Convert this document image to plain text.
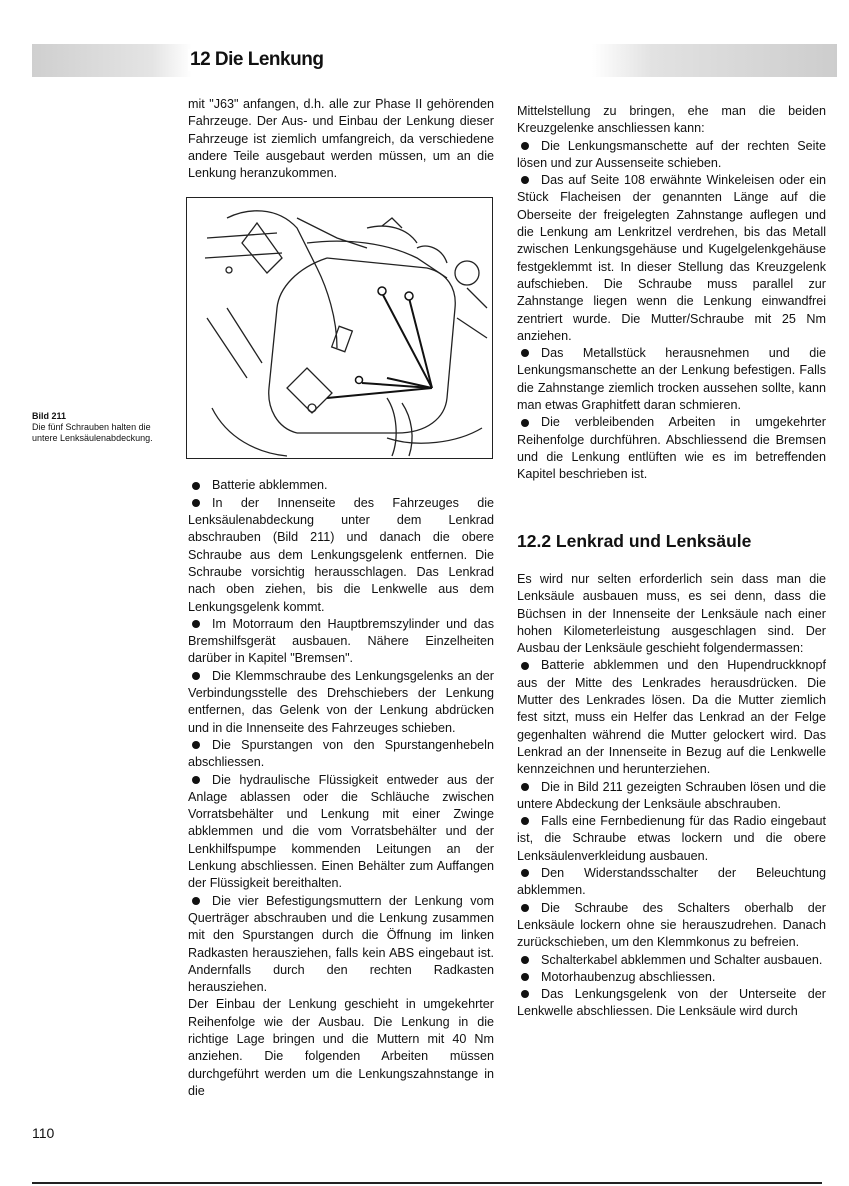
12 Die Lenkung

mit "J63" anfangen, d.h. alle zur Phase II gehörenden Fahrzeuge. Der Aus- und Einbau der Lenkung dieser Fahrzeuge ist ziemlich umfangreich, da verschiedene andere Teile ausgebaut werden müssen, um an die Lenkung heranzukommen.

Batterie abklemmen.

In der Innenseite des Fahrzeuges die Lenksäulenabdeckung unter dem Lenkrad abschrauben (Bild 211) und danach die obere Schraube aus dem Lenkungsgelenk entfernen. Die Schraube vorsichtig herausschlagen. Das Lenkrad nach oben ziehen, bis die Lenkwelle aus dem Lenkungsgelenk kommt.

Im Motorraum den Hauptbremszylinder und das Bremshilfsgerät ausbauen. Nähere Einzelheiten darüber in Kapitel "Bremsen".

Die Klemmschraube des Lenkungsgelenks an der Verbindungsstelle des Drehschiebers der Lenkung entfernen, das Gelenk von der Lenkung abdrücken und in die Innenseite des Fahrzeuges schieben.

Die Spurstangen von den Spurstangenhebeln abschliessen.

Die hydraulische Flüssigkeit entweder aus der Anlage ablassen oder die Schläuche zwischen Vorratsbehälter und Lenkung mit einer Zwinge abklemmen und die vom Vorratsbehälter und der Lenkhilfspumpe kommenden Leitungen an der Lenkung abschliessen. Einen Behälter zum Auffangen der Flüssigkeit bereithalten.

Die vier Befestigungsmuttern der Lenkung vom Querträger abschrauben und die Lenkung zusammen mit den Spurstangen durch die Öffnung im linken Radkasten herausziehen, falls kein ABS eingebaut ist. Andernfalls durch den rechten Radkasten herausziehen.

Der Einbau der Lenkung geschieht in umgekehrter Reihenfolge wie der Ausbau. Die Lenkung in die richtige Lage bringen und die Muttern mit 40 Nm anziehen. Die folgenden Arbeiten müssen durchgeführt werden um die Lenkungszahnstange in die

Bild 211
Die fünf Schrauben halten die untere Lenksäulenabdeckung.

Mittelstellung zu bringen, ehe man die beiden Kreuzgelenke anschliessen kann:

Die Lenkungsmanschette auf der rechten Seite lösen und zur Aussenseite schieben.

Das auf Seite 108 erwähnte Winkeleisen oder ein Stück Flacheisen der genannten Länge auf die Oberseite der freigelegten Zahnstange auflegen und die Lenkung am Lenkritzel verdrehen, bis das Metall zwischen Lenkungsgehäuse und Kugelgelenkgehäuse festgeklemmt ist. In dieser Stellung das Kreuzgelenk aufschieben. Die Schraube muss parallel zur Zahnstange liegen wenn die Lenkung einwandfrei zentriert wurde. Die Mutter/Schraube mit 25 Nm anziehen.

Das Metallstück herausnehmen und die Lenkungsmanschette an der Lenkung befestigen. Falls die Zahnstange ziemlich trocken aussehen sollte, kann man etwas Graphitfett daran schmieren.

Die verbleibenden Arbeiten in umgekehrter Reihenfolge durchführen. Abschliessend die Bremsen und die Lenkung entlüften wie es im betreffenden Kapitel beschrieben ist.

12.2 Lenkrad und Lenksäule

Es wird nur selten erforderlich sein dass man die Lenksäule ausbauen muss, es sei denn, dass die Büchsen in der Innenseite der Lenksäule nach einer hohen Kilometerleistung ausgeschlagen sind. Der Ausbau der Lenksäule geschieht folgendermassen:

Batterie abklemmen und den Hupendruckknopf aus der Mitte des Lenkrades herausdrücken. Die Mutter des Lenkrades lösen. Da die Mutter ziemlich fest sitzt, muss ein Helfer das Lenkrad an der Felge gegenhalten während die Mutter gelockert wird. Das Lenkrad an der Innenseite in Bezug auf die Lenkwelle kennzeichnen und herunterziehen.

Die in Bild 211 gezeigten Schrauben lösen und die untere Abdeckung der Lenksäule abschrauben.

Falls eine Fernbedienung für das Radio eingebaut ist, die Schraube etwas lockern und die obere Lenksäulenverkleidung ausbauen.

Den Widerstandsschalter der Beleuchtung abklemmen.

Die Schraube des Schalters oberhalb der Lenksäule lockern ohne sie herauszudrehen. Danach zurückschieben, um den Klemmkonus zu befreien.

Schalterkabel abklemmen und Schalter ausbauen.

Motorhaubenzug abschliessen.

Das Lenkungsgelenk von der Unterseite der Lenkwelle abschliessen. Die Lenksäule wird durch

110
